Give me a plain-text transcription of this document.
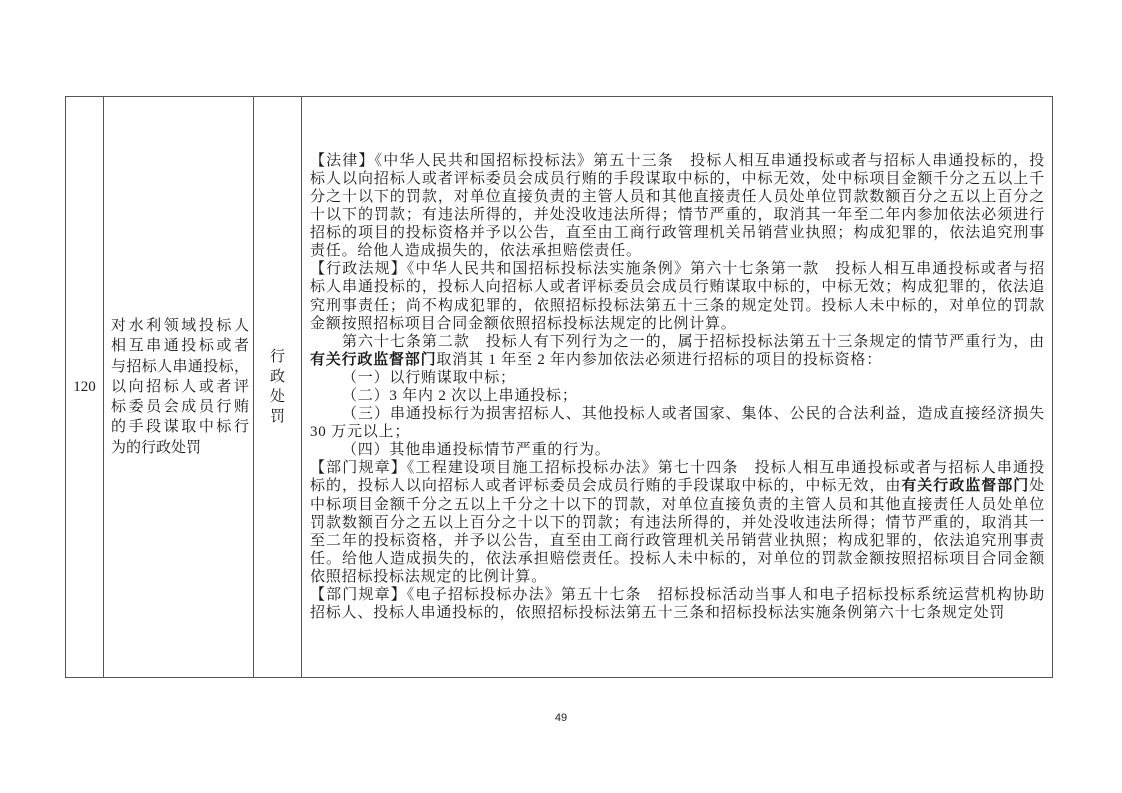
120
对水利领域投标人
相互串通投标或者
与招标人串通投标，
以向招标人或者评
标委员会成员行贿
的手段谋取中标行
为的行政处罚
行政处罚

【法律】《中华人民共和国招标投标法》第五十三条　投标人相互串通投标或者与招标人串通投标的，投标人以向招标人或者评标委员会成员行贿的手段谋取中标的，中标无效，处中标项目金额千分之五以上千分之十以下的罚款，对单位直接负责的主管人员和其他直接责任人员处单位罚款数额百分之五以上百分之十以下的罚款；有违法所得的，并处没收违法所得；情节严重的，取消其一年至二年内参加依法必须进行招标的项目的投标资格并予以公告，直至由工商行政管理机关吊销营业执照；构成犯罪的，依法追究刑事责任。给他人造成损失的，依法承担赔偿责任。

【行政法规】《中华人民共和国招标投标法实施条例》第六十七条第一款　投标人相互串通投标或者与招标人串通投标的，投标人向招标人或者评标委员会成员行贿谋取中标的，中标无效；构成犯罪的，依法追究刑事责任；尚不构成犯罪的，依照招标投标法第五十三条的规定处罚。投标人未中标的，对单位的罚款金额按照招标项目合同金额依照招标投标法规定的比例计算。

第六十七条第二款　投标人有下列行为之一的，属于招标投标法第五十三条规定的情节严重行为，由有关行政监督部门取消其 1 年至 2 年内参加依法必须进行招标的项目的投标资格：

（一）以行贿谋取中标；

（二）3 年内 2 次以上串通投标；

（三）串通投标行为损害招标人、其他投标人或者国家、集体、公民的合法利益，造成直接经济损失 30 万元以上；

（四）其他串通投标情节严重的行为。

【部门规章】《工程建设项目施工招标投标办法》第七十四条　投标人相互串通投标或者与招标人串通投标的，投标人以向招标人或者评标委员会成员行贿的手段谋取中标的，中标无效，由有关行政监督部门处中标项目金额千分之五以上千分之十以下的罚款，对单位直接负责的主管人员和其他直接责任人员处单位罚款数额百分之五以上百分之十以下的罚款；有违法所得的，并处没收违法所得；情节严重的，取消其一至二年的投标资格，并予以公告，直至由工商行政管理机关吊销营业执照；构成犯罪的，依法追究刑事责任。给他人造成损失的，依法承担赔偿责任。投标人未中标的，对单位的罚款金额按照招标项目合同金额依照招标投标法规定的比例计算。

【部门规章】《电子招标投标办法》第五十七条　招标投标活动当事人和电子招标投标系统运营机构协助招标人、投标人串通投标的，依照招标投标法第五十三条和招标投标法实施条例第六十七条规定处罚

49
